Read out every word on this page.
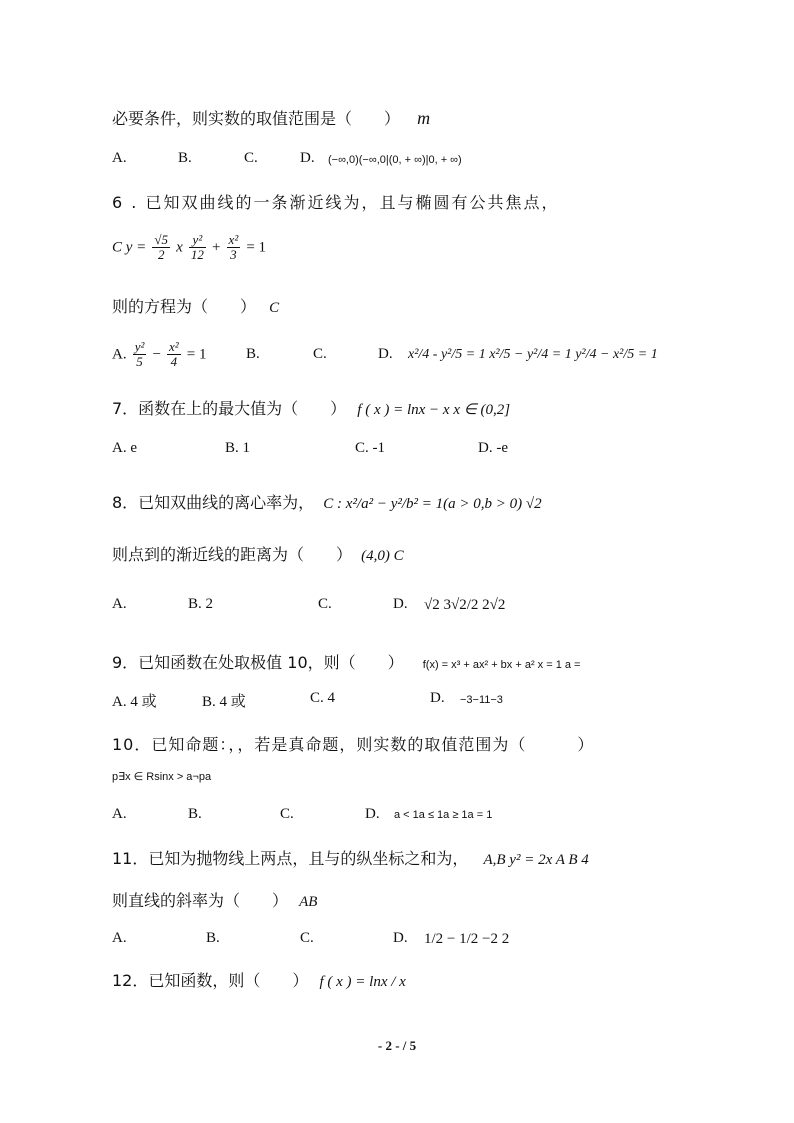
必要条件，则实数的取值范围是（　　） m
A.	B.	C.	D. (−∞,0)(−∞,0|(0, + ∞)|0, + ∞)
6 . 已知双曲线的一条渐近线为，且与椭圆有公共焦点，
C $y = \frac{√5}{2}$ x $\frac{\text{y²}}{12} + \frac{\text{x²}}{3} = 1$
则的方程为（　　） C
A. $\frac{\text{y²}}{5} - \frac{\text{x²}}{4} = 1$	B.	C.	D. x²/4 - y²/5 = 1 x²/5 − y²/4 = 1 y²/4 − x²/5 = 1
7．函数在上的最大值为（　　） f ( x ) = lnx − x x ∈ (0,2]
A. e	B. 1	C. -1	D. -e
8．已知双曲线的离心率为， C : x²/a² − y²/b² = 1(a > 0,b > 0) √2
则点到的渐近线的距离为（　　） (4,0) C
A.	B. 2	C.	D. √2 3√2/2 2√2
9．已知函数在处取极值 10，则（　　） f(x) = x³ + ax² + bx + a² x = 1 a =
A. 4 或	B. 4 或	C. 4	D. −3−11−3
10．已知命题：，，若是真命题，则实数的取值范围为（　　　）
p∃x ∈ Rsinx > a¬pa
A.	B.	C.	D. a < 1a ≤ 1a ≥ 1a = 1
11．已知为抛物线上两点，且与的纵坐标之和为， A,B y² = 2x A B 4
则直线的斜率为（　　） AB
A.	B.	C.	D. 1/2 − 1/2 −2 2
12．已知函数，则（　　） f ( x ) = lnx / x
- 2 - / 5
